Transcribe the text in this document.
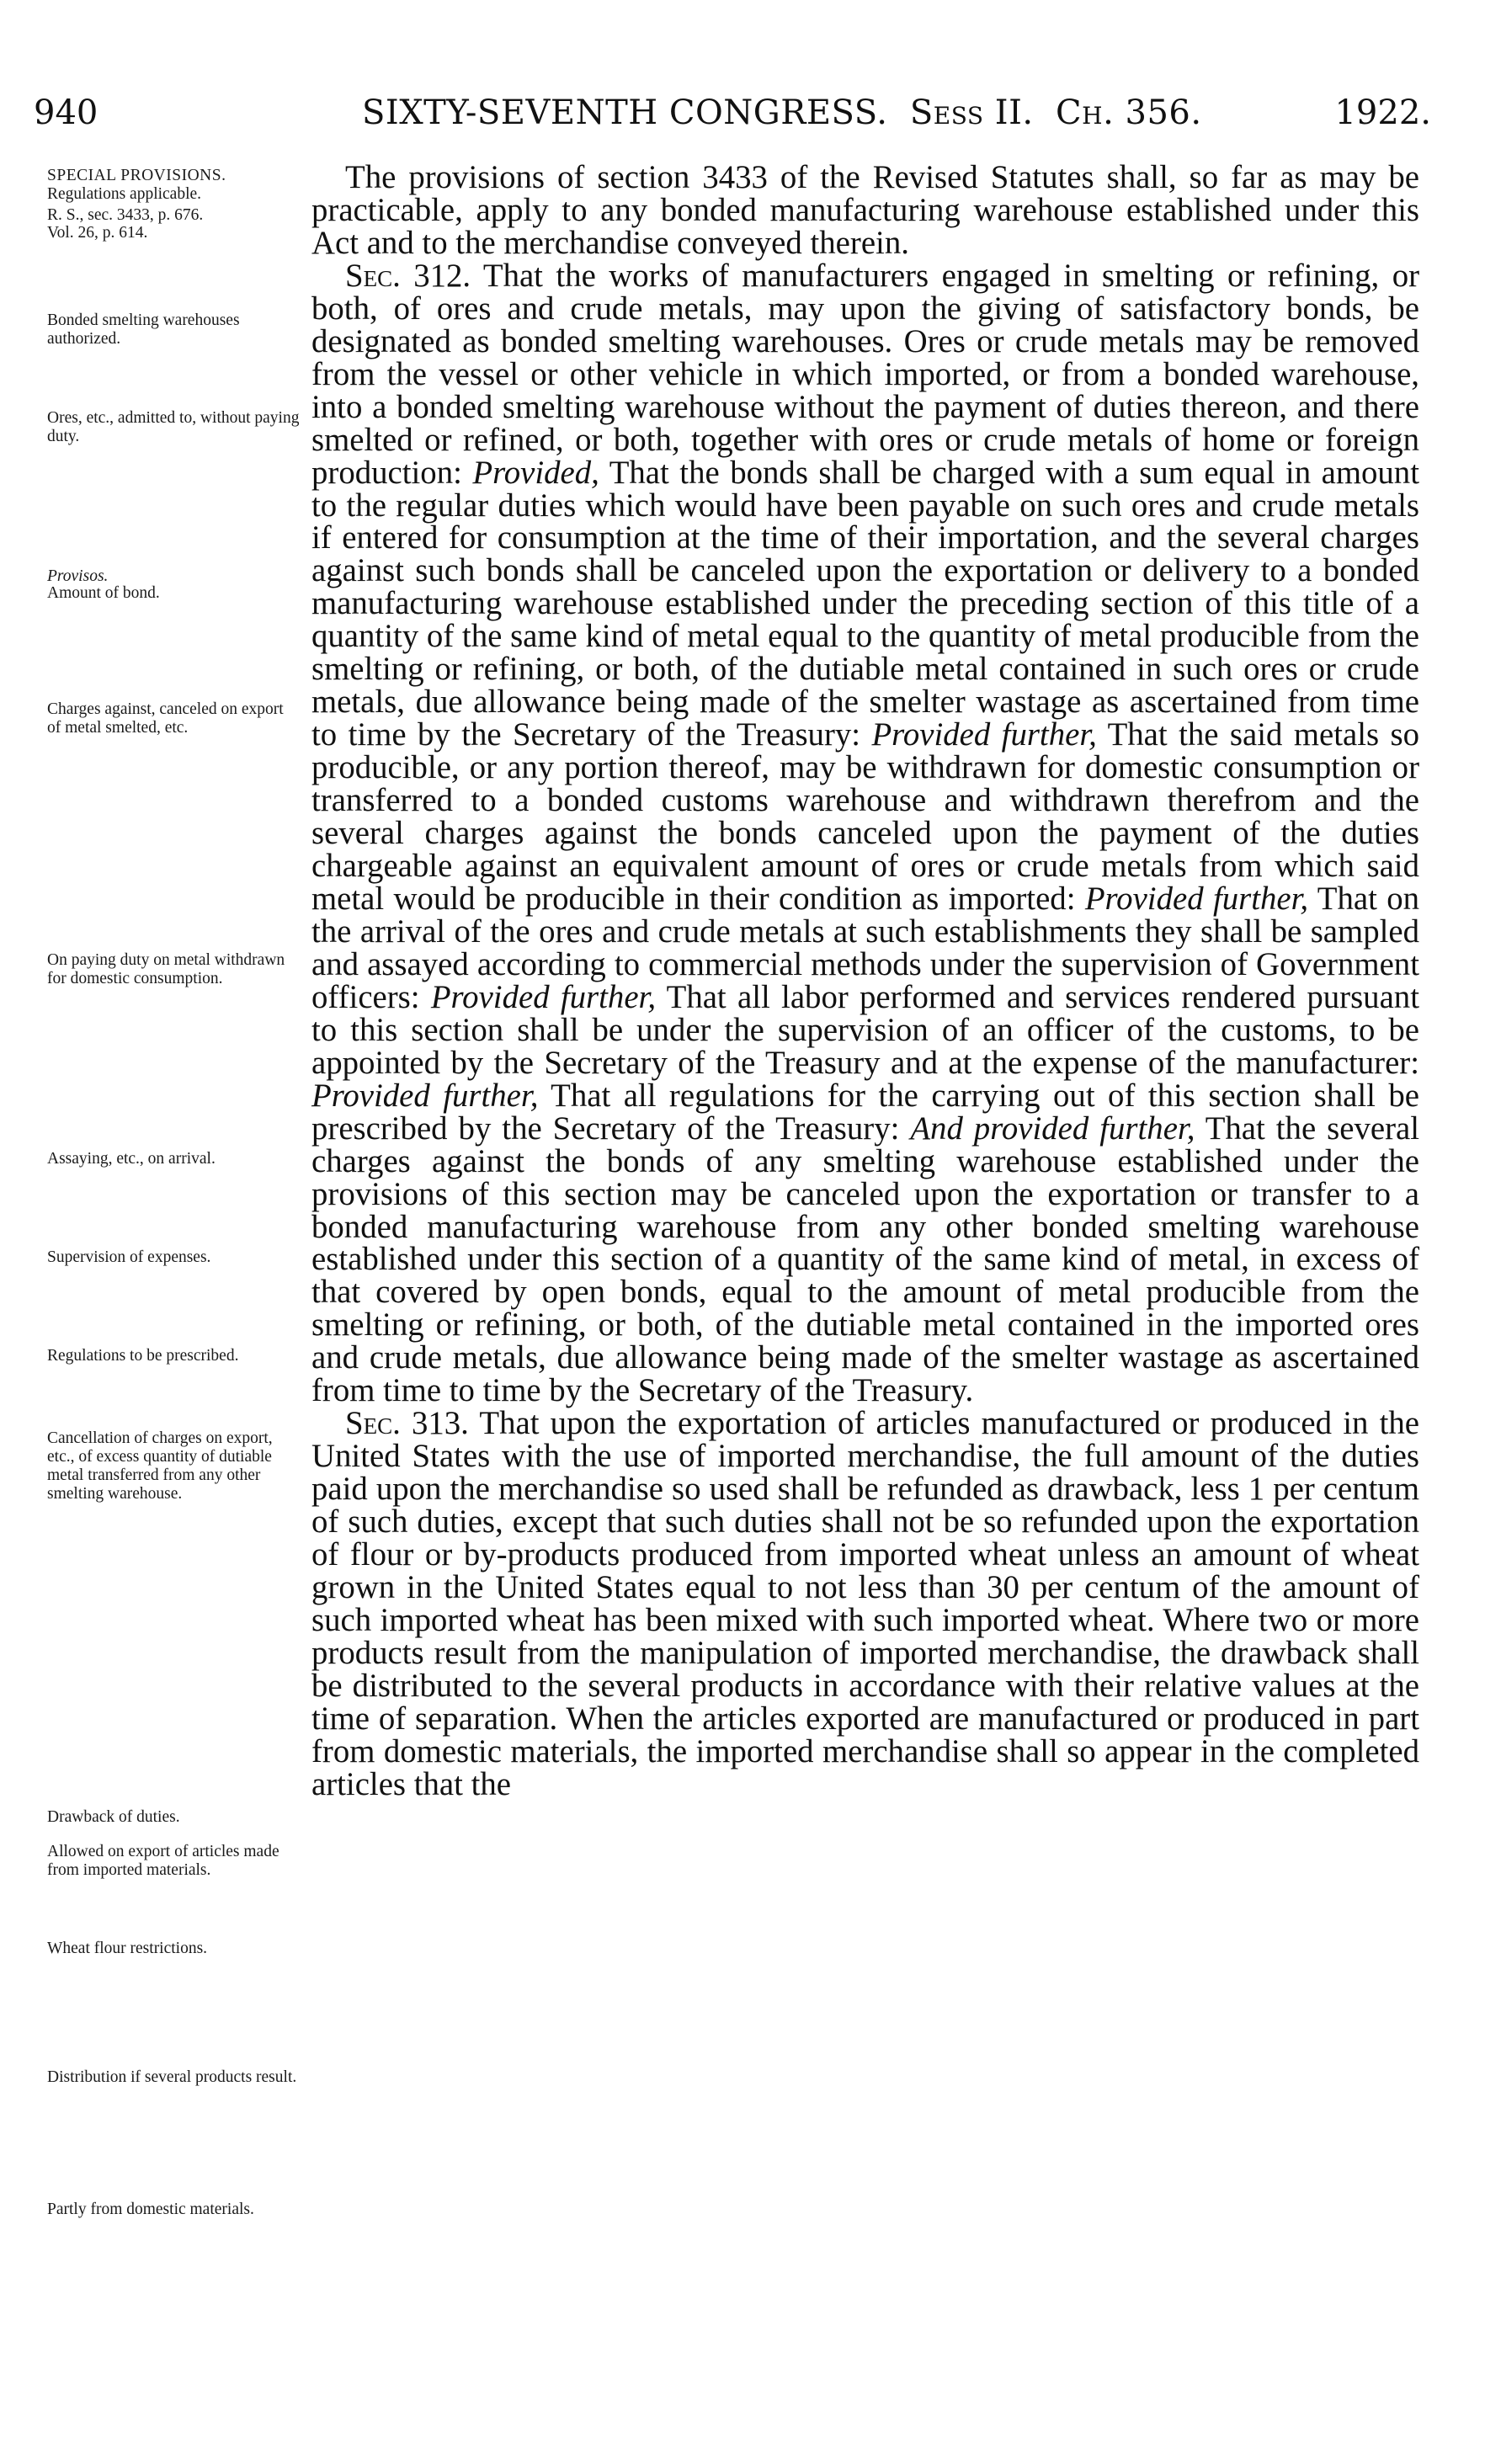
940	SIXTY-SEVENTH CONGRESS. Sess II. Ch. 356.	1922.
SPECIAL PROVISIONS.
Regulations applicable.
R. S., sec. 3433, p. 676.
Vol. 26, p. 614.
Bonded smelting warehouses authorized.
Ores, etc., admitted to, without paying duty.
Provisos.
Amount of bond.
Charges against, canceled on export of metal smelted, etc.
On paying duty on metal withdrawn for domestic consumption.
Assaying, etc., on arrival.
Supervision of expenses.
Regulations to be prescribed.
Cancellation of charges on export, etc., of excess quantity of dutiable metal transferred from any other smelting warehouse.
Drawback of duties.
Allowed on export of articles made from imported materials.
Wheat flour restrictions.
Distribution if several products result.
Partly from domestic materials.

The provisions of section 3433 of the Revised Statutes shall, so far as may be practicable, apply to any bonded manufacturing warehouse established under this Act and to the merchandise conveyed therein.

Sec. 312. That the works of manufacturers engaged in smelting or refining, or both, of ores and crude metals, may upon the giving of satisfactory bonds, be designated as bonded smelting warehouses. Ores or crude metals may be removed from the vessel or other vehicle in which imported, or from a bonded warehouse, into a bonded smelting warehouse without the payment of duties thereon, and there smelted or refined, or both, together with ores or crude metals of home or foreign production: Provided, That the bonds shall be charged with a sum equal in amount to the regular duties which would have been payable on such ores and crude metals if entered for consumption at the time of their importation, and the several charges against such bonds shall be canceled upon the exportation or delivery to a bonded manufacturing warehouse established under the preceding section of this title of a quantity of the same kind of metal equal to the quantity of metal producible from the smelting or refining, or both, of the dutiable metal contained in such ores or crude metals, due allowance being made of the smelter wastage as ascertained from time to time by the Secretary of the Treasury: Provided further, That the said metals so producible, or any portion thereof, may be withdrawn for domestic consumption or transferred to a bonded customs warehouse and withdrawn therefrom and the several charges against the bonds canceled upon the payment of the duties chargeable against an equivalent amount of ores or crude metals from which said metal would be producible in their condition as imported: Provided further, That on the arrival of the ores and crude metals at such establishments they shall be sampled and assayed according to commercial methods under the supervision of Government officers: Provided further, That all labor performed and services rendered pursuant to this section shall be under the supervision of an officer of the customs, to be appointed by the Secretary of the Treasury and at the expense of the manufacturer: Provided further, That all regulations for the carrying out of this section shall be prescribed by the Secretary of the Treasury: And provided further, That the several charges against the bonds of any smelting warehouse established under the provisions of this section may be canceled upon the exportation or transfer to a bonded manufacturing warehouse from any other bonded smelting warehouse established under this section of a quantity of the same kind of metal, in excess of that covered by open bonds, equal to the amount of metal producible from the smelting or refining, or both, of the dutiable metal contained in the imported ores and crude metals, due allowance being made of the smelter wastage as ascertained from time to time by the Secretary of the Treasury.

Sec. 313. That upon the exportation of articles manufactured or produced in the United States with the use of imported merchandise, the full amount of the duties paid upon the merchandise so used shall be refunded as drawback, less 1 per centum of such duties, except that such duties shall not be so refunded upon the exportation of flour or by-products produced from imported wheat unless an amount of wheat grown in the United States equal to not less than 30 per centum of the amount of such imported wheat has been mixed with such imported wheat. Where two or more products result from the manipulation of imported merchandise, the drawback shall be distributed to the several products in accordance with their relative values at the time of separation. When the articles exported are manufactured or produced in part from domestic materials, the imported merchandise shall so appear in the completed articles that the
